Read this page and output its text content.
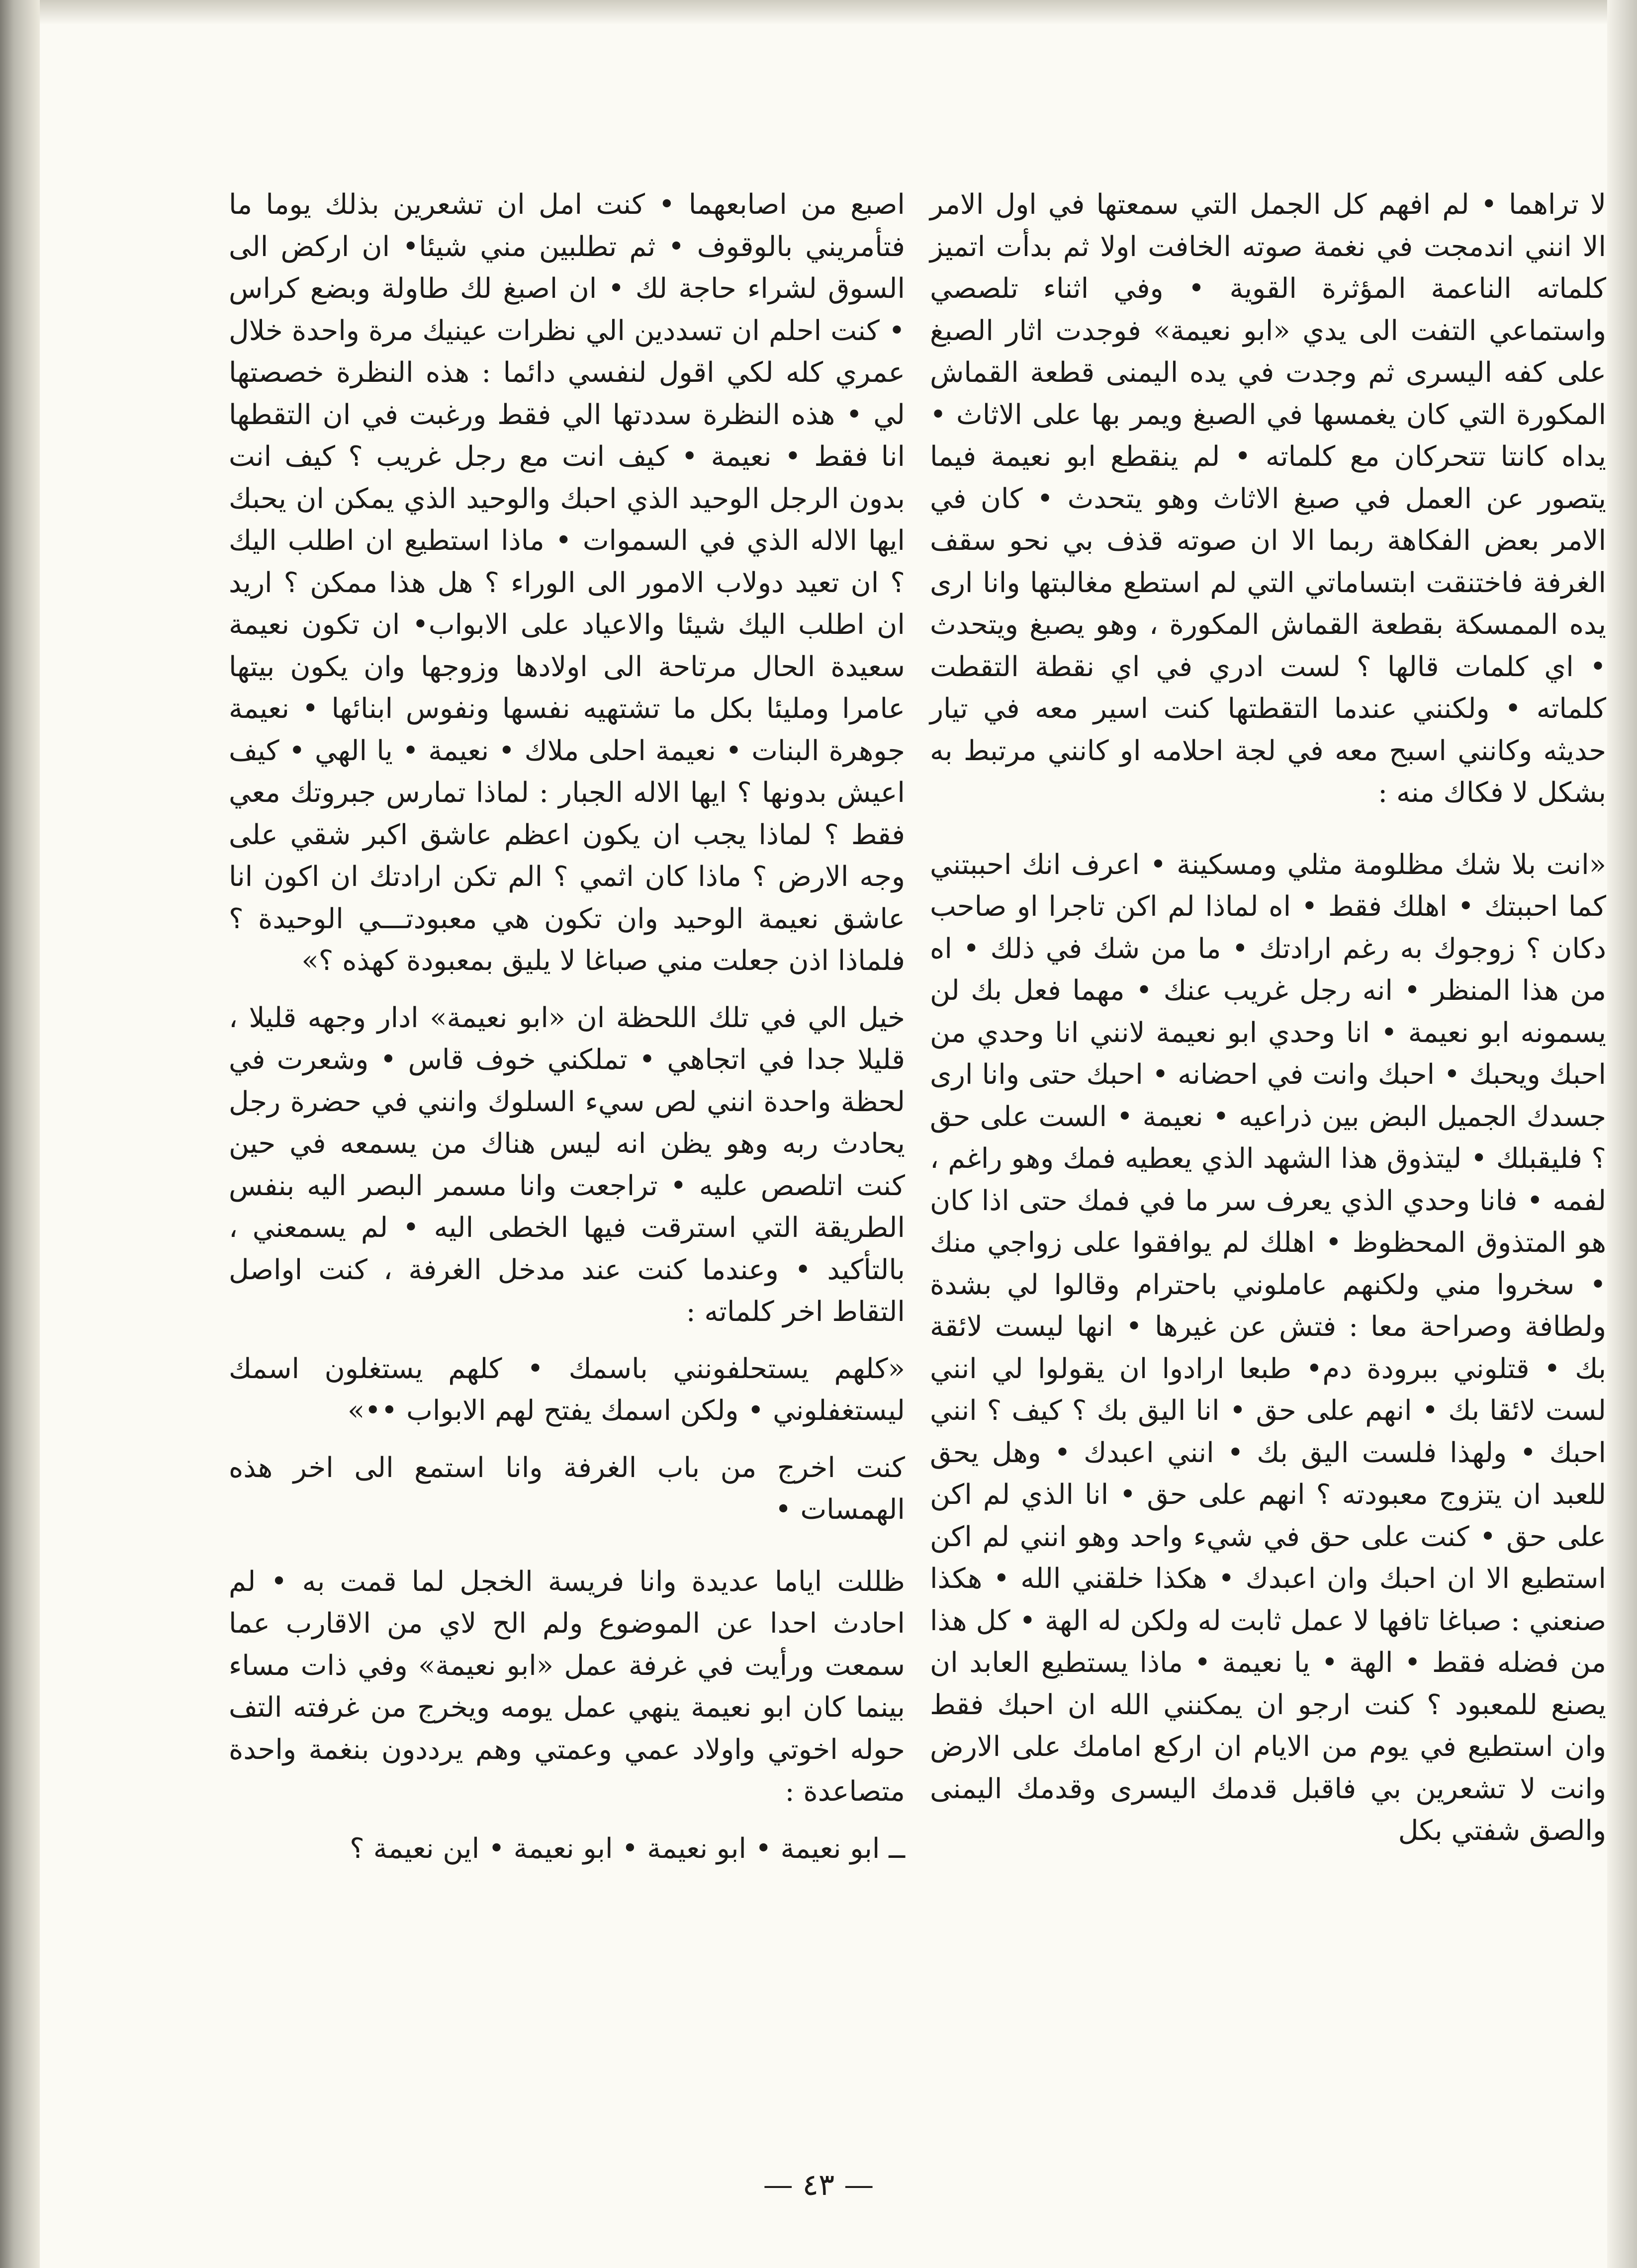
لا تراهما • لم افهم كل الجمل التي سمعتها في اول الامر الا انني اندمجت في نغمة صوته الخافت اولا ثم بدأت اتميز كلماته الناعمة المؤثرة القوية • وفي اثناء تلصصي واستماعي التفت الى يدي «ابو نعيمة» فوجدت اثار الصبغ على كفه اليسرى ثم وجدت في يده اليمنى قطعة القماش المكورة التي كان يغمسها في الصبغ ويمر بها على الاثاث • يداه كانتا تتحركان مع كلماته • لم ينقطع ابو نعيمة فيما يتصور عن العمل في صبغ الاثاث وهو يتحدث • كان في الامر بعض الفكاهة ربما الا ان صوته قذف بي نحو سقف الغرفة فاختنقت ابتساماتي التي لم استطع مغالبتها وانا ارى يده الممسكة بقطعة القماش المكورة ، وهو يصبغ ويتحدث • اي كلمات قالها ؟ لست ادري في اي نقطة التقطت كلماته • ولكنني عندما التقطتها كنت اسير معه في تيار حديثه وكانني اسبح معه في لجة احلامه او كانني مرتبط به بشكل لا فكاك منه :

«انت بلا شك مظلومة مثلي ومسكينة • اعرف انك احببتني كما احببتك • اهلك فقط • اه لماذا لم اكن تاجرا او صاحب دكان ؟ زوجوك به رغم ارادتك • ما من شك في ذلك • اه من هذا المنظر • انه رجل غريب عنك • مهما فعل بك لن يسمونه ابو نعيمة • انا وحدي ابو نعيمة لانني انا وحدي من احبك ويحبك • احبك وانت في احضانه • احبك حتى وانا ارى جسدك الجميل البض بين ذراعيه • نعيمة • الست على حق ؟ فليقبلك • ليتذوق هذا الشهد الذي يعطيه فمك وهو راغم ، لفمه • فانا وحدي الذي يعرف سر ما في فمك حتى اذا كان هو المتذوق المحظوظ • اهلك لم يوافقوا على زواجي منك • سخروا مني ولكنهم عاملوني باحترام وقالوا لي بشدة ولطافة وصراحة معا : فتش عن غيرها • انها ليست لائقة بك • قتلوني ببرودة دم• طبعا ارادوا ان يقولوا لي انني لست لائقا بك • انهم على حق • انا اليق بك ؟ كيف ؟ انني احبك • ولهذا فلست اليق بك • انني اعبدك • وهل يحق للعبد ان يتزوج معبودته ؟ انهم على حق • انا الذي لم اكن على حق • كنت على حق في شيء واحد وهو انني لم اكن استطيع الا ان احبك وان اعبدك • هكذا خلقني الله • هكذا صنعني : صباغا تافها لا عمل ثابت له ولكن له الهة • كل هذا من فضله فقط • الهة • يا نعيمة • ماذا يستطيع العابد ان يصنع للمعبود ؟ كنت ارجو ان يمكنني الله ان احبك فقط وان استطيع في يوم من الايام ان اركع امامك على الارض وانت لا تشعرين بي فاقبل قدمك اليسرى وقدمك اليمنى والصق شفتي بكل

اصبع من اصابعهما • كنت امل ان تشعرين بذلك يوما ما فتأمريني بالوقوف • ثم تطلبين مني شيئا• ان اركض الى السوق لشراء حاجة لك • ان اصبغ لك طاولة وبضع كراس • كنت احلم ان تسددين الي نظرات عينيك مرة واحدة خلال عمري كله لكي اقول لنفسي دائما : هذه النظرة خصصتها لي • هذه النظرة سددتها الي فقط ورغبت في ان التقطها انا فقط • نعيمة • كيف انت مع رجل غريب ؟ كيف انت بدون الرجل الوحيد الذي احبك والوحيد الذي يمكن ان يحبك ايها الاله الذي في السموات • ماذا استطيع ان اطلب اليك ؟ ان تعيد دولاب الامور الى الوراء ؟ هل هذا ممكن ؟ اريد ان اطلب اليك شيئا والاعياد على الابواب• ان تكون نعيمة سعيدة الحال مرتاحة الى اولادها وزوجها وان يكون بيتها عامرا ومليئا بكل ما تشتهيه نفسها ونفوس ابنائها • نعيمة جوهرة البنات • نعيمة احلى ملاك • نعيمة • يا الهي • كيف اعيش بدونها ؟ ايها الاله الجبار : لماذا تمارس جبروتك معي فقط ؟ لماذا يجب ان يكون اعظم عاشق اكبر شقي على وجه الارض ؟ ماذا كان اثمي ؟ الم تكن ارادتك ان اكون انا عاشق نعيمة الوحيد وان تكون هي معبودتـــي الوحيدة ؟ فلماذا اذن جعلت مني صباغا لا يليق بمعبودة كهذه ؟»

خيل الي في تلك اللحظة ان «ابو نعيمة» ادار وجهه قليلا ، قليلا جدا في اتجاهي • تملكني خوف قاس • وشعرت في لحظة واحدة انني لص سيء السلوك وانني في حضرة رجل يحادث ربه وهو يظن انه ليس هناك من يسمعه في حين كنت اتلصص عليه • تراجعت وانا مسمر البصر اليه بنفس الطريقة التي استرقت فيها الخطى اليه • لم يسمعني ، بالتأكيد • وعندما كنت عند مدخل الغرفة ، كنت اواصل التقاط اخر كلماته :

«كلهم يستحلفونني باسمك • كلهم يستغلون اسمك ليستغفلوني • ولكن اسمك يفتح لهم الابواب ••»

كنت اخرج من باب الغرفة وانا استمع الى اخر هذه الهمسات •

ظللت اياما عديدة وانا فريسة الخجل لما قمت به • لم احادث احدا عن الموضوع ولم الح لاي من الاقارب عما سمعت ورأيت في غرفة عمل «ابو نعيمة» وفي ذات مساء بينما كان ابو نعيمة ينهي عمل يومه ويخرج من غرفته التف حوله اخوتي واولاد عمي وعمتي وهم يرددون بنغمة واحدة متصاعدة :

ــ ابو نعيمة • ابو نعيمة • ابو نعيمة • اين نعيمة ؟

— ٤٣ —
